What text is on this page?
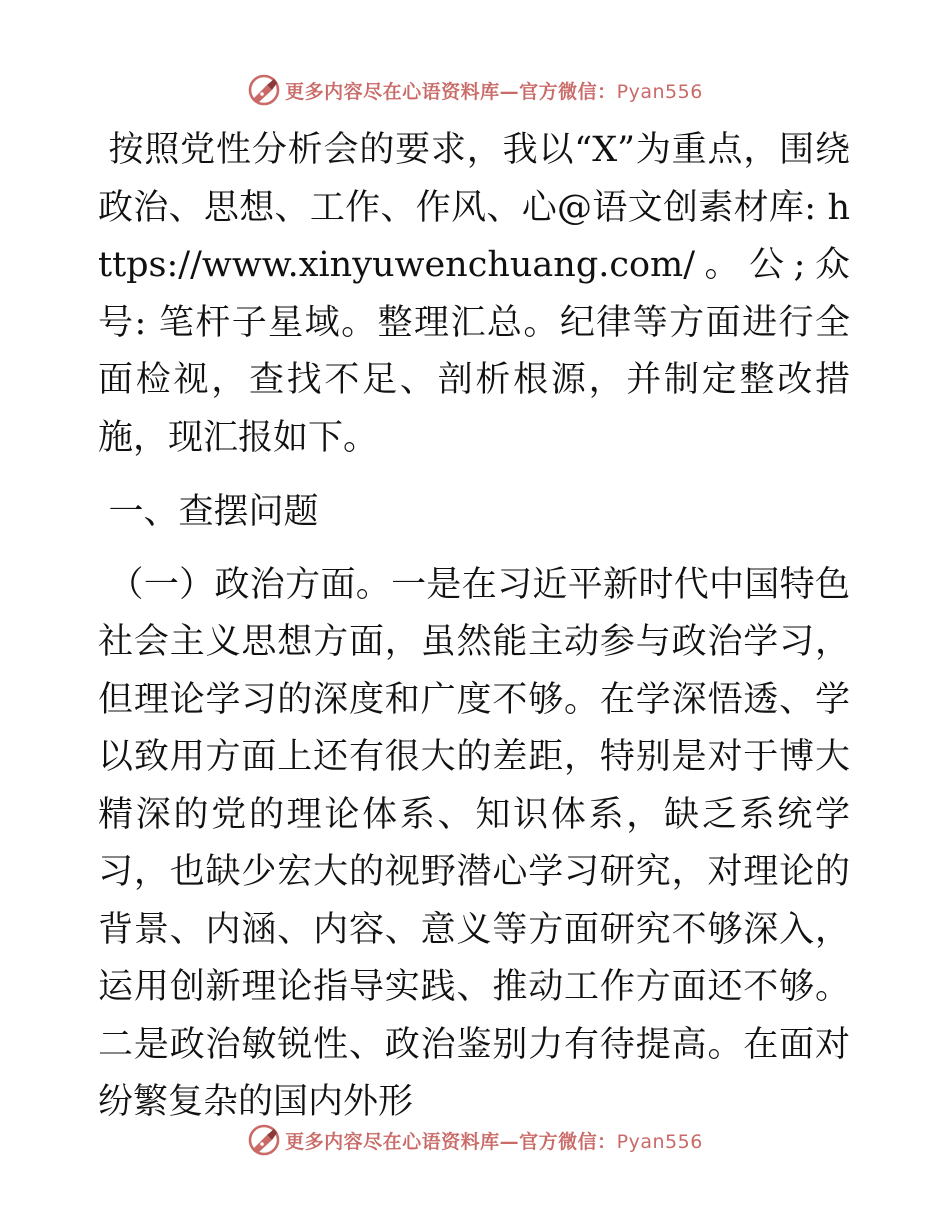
更多内容尽在心语资料库—官方微信：Pyan556

按照党性分析会的要求，我以“X”为重点，围绕政治、思想、工作、作风、心@语文创素材库: https://www.xinyuwenchuang.com/。公;众号: 笔杆子星域。整理汇总。纪律等方面进行全面检视，查找不足、剖析根源，并制定整改措施，现汇报如下。

一、查摆问题

（一）政治方面。一是在习近平新时代中国特色社会主义思想方面，虽然能主动参与政治学习，但理论学习的深度和广度不够。在学深悟透、学以致用方面上还有很大的差距，特别是对于博大精深的党的理论体系、知识体系，缺乏系统学习，也缺少宏大的视野潜心学习研究，对理论的背景、内涵、内容、意义等方面研究不够深入，运用创新理论指导实践、推动工作方面还不够。二是政治敏锐性、政治鉴别力有待提高。在面对纷繁复杂的国内外形

更多内容尽在心语资料库—官方微信：Pyan556
